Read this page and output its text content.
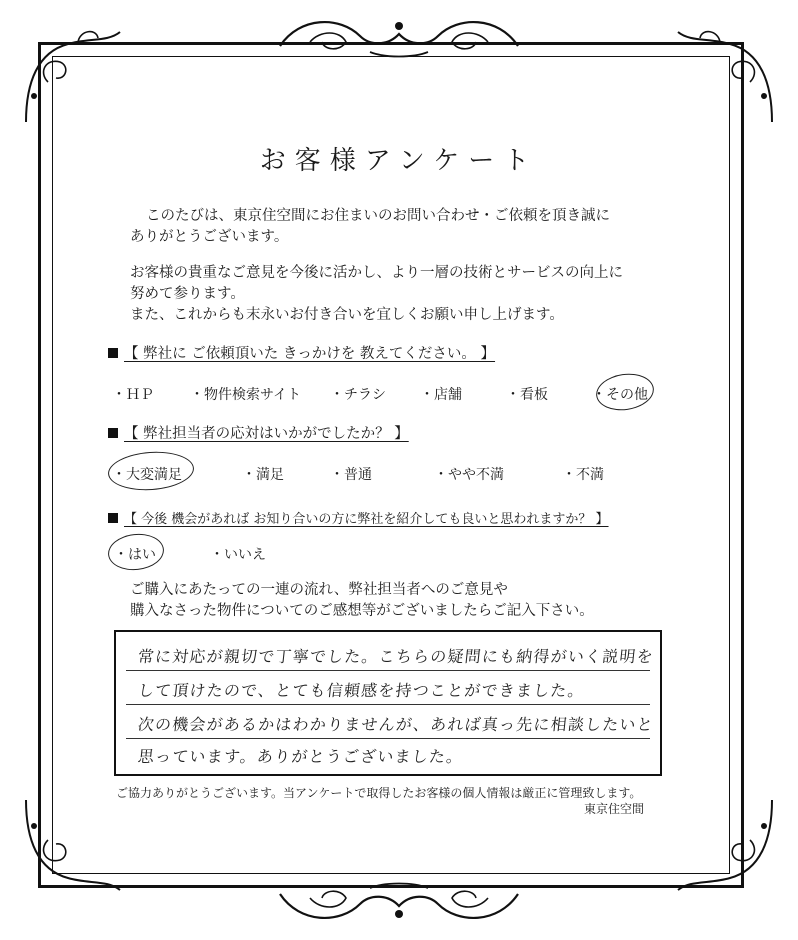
お客様アンケート
このたびは、東京住空間にお住まいのお問い合わせ・ご依頼を頂き誠に
ありがとうございます。
お客様の貴重なご意見を今後に活かし、より一層の技術とサービスの向上に
努めて参ります。
また、これからも末永いお付き合いを宜しくお願い申し上げます。
【 弊社に ご依頼頂いた きっかけを 教えてください。 】
・ＨＰ	・物件検索サイト ・チラシ ・店舗	・看板	・その他
【 弊社担当者の応対はいかがでしたか？ 】
・大変満足	・満足	・普通	・やや不満	・不満
【 今後 機会があれば お知り合いの方に弊社を紹介しても良いと思われますか？ 】
・はい	・いいえ
ご購入にあたっての一連の流れ、弊社担当者へのご意見や
購入なさった物件についてのご感想等がございましたらご記入下さい。
常に対応が親切で丁寧でした。こちらの疑問にも納得がいく説明を
して頂けたので、とても信頼感を持つことができました。
次の機会があるかはわかりませんが、あれば真っ先に相談したいと
思っています。ありがとうございました。
ご協力ありがとうございます。当アンケートで取得したお客様の個人情報は厳正に管理致します。
東京住空間
